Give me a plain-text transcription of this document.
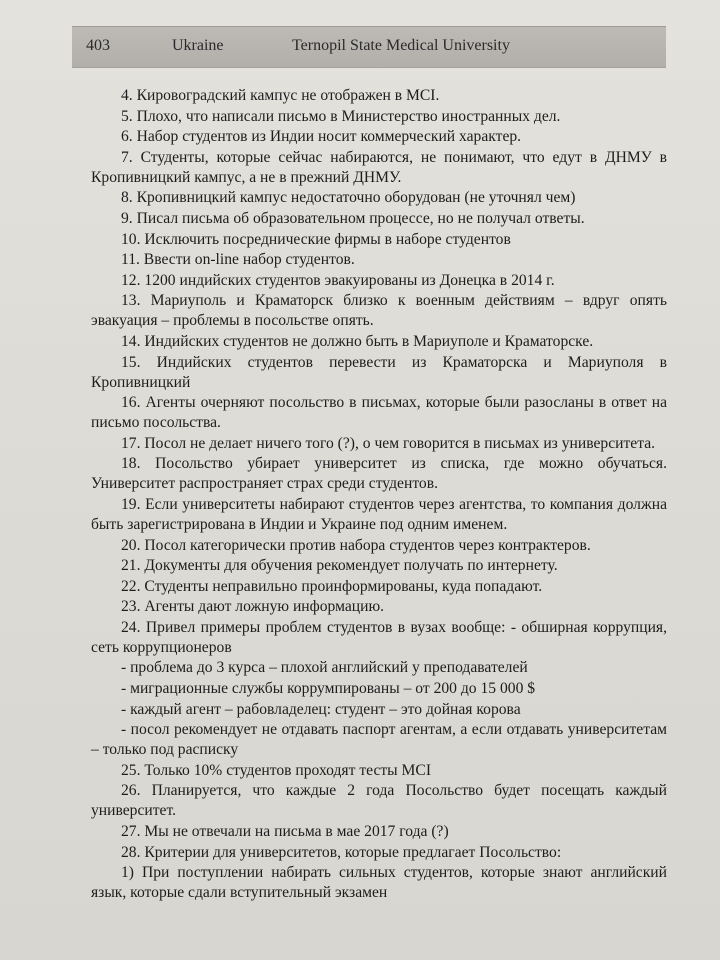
403	Ukraine	Ternopil State Medical University

4. Кировоградский кампус не отображен в MCI.

5. Плохо, что написали письмо в Министерство иностранных дел.

6. Набор студентов из Индии носит коммерческий характер.

7. Студенты, которые сейчас набираются, не понимают, что едут в ДНМУ в Кропивницкий кампус, а не в прежний ДНМУ.

8. Кропивницкий кампус недостаточно оборудован (не уточнял чем)

9. Писал письма об образовательном процессе, но не получал ответы.

10. Исключить посреднические фирмы в наборе студентов

11. Ввести on-line набор студентов.

12. 1200 индийских студентов эвакуированы из Донецка в 2014 г.

13. Мариуполь и Краматорск близко к военным действиям – вдруг опять эвакуация – проблемы в посольстве опять.

14. Индийских студентов не должно быть в Мариуполе и Краматорске.

15. Индийских студентов перевести из Краматорска и Мариуполя в Кропивницкий

16. Агенты очерняют посольство в письмах, которые были разосланы в ответ на письмо посольства.

17. Посол не делает ничего того (?), о чем говорится в письмах из университета.

18. Посольство убирает университет из списка, где можно обучаться. Университет распространяет страх среди студентов.

19. Если университеты набирают студентов через агентства, то компания должна быть зарегистрирована в Индии и Украине под одним именем.

20. Посол категорически против набора студентов через контрактеров.

21. Документы для обучения рекомендует получать по интернету.

22. Студенты неправильно проинформированы, куда попадают.

23. Агенты дают ложную информацию.

24. Привел примеры проблем студентов в вузах вообще: - обширная коррупция, сеть коррупционеров

- проблема до 3 курса – плохой английский у преподавателей

- миграционные службы коррумпированы – от 200 до 15 000 $

- каждый агент – рабовладелец: студент – это дойная корова

- посол рекомендует не отдавать паспорт агентам, а если отдавать университетам – только под расписку

25. Только 10% студентов проходят тесты MCI

26. Планируется, что каждые 2 года Посольство будет посещать каждый университет.

27. Мы не отвечали на письма в мае 2017 года (?)

28. Критерии для университетов, которые предлагает Посольство:

1) При поступлении набирать сильных студентов, которые знают английский язык, которые сдали вступительный экзамен
